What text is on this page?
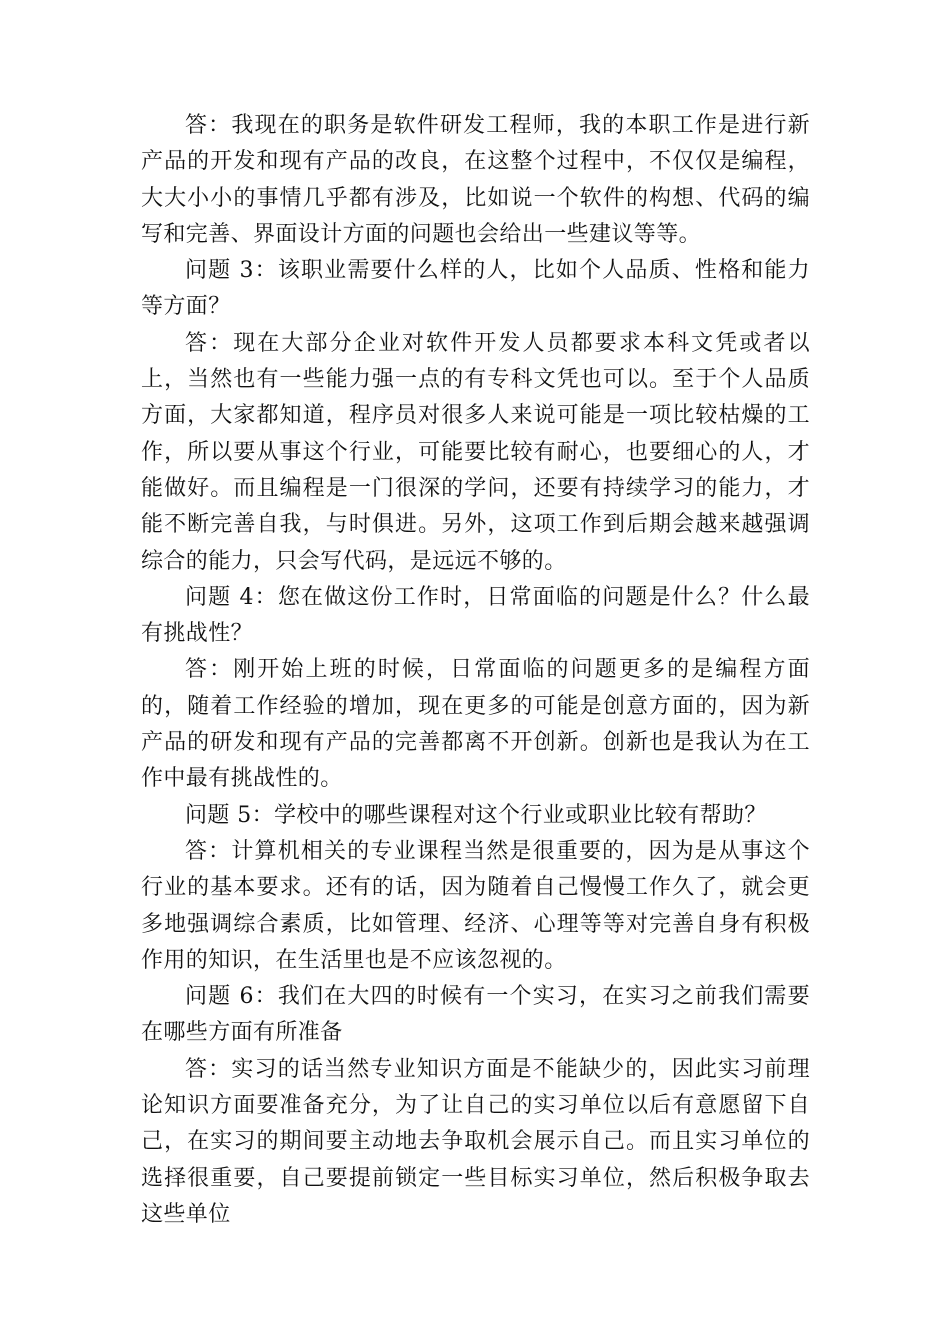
答：我现在的职务是软件研发工程师，我的本职工作是进行新产品的开发和现有产品的改良，在这整个过程中，不仅仅是编程，大大小小的事情几乎都有涉及，比如说一个软件的构想、代码的编写和完善、界面设计方面的问题也会给出一些建议等等。

问题 3：该职业需要什么样的人，比如个人品质、性格和能力等方面？

答：现在大部分企业对软件开发人员都要求本科文凭或者以上，当然也有一些能力强一点的有专科文凭也可以。至于个人品质方面，大家都知道，程序员对很多人来说可能是一项比较枯燥的工作，所以要从事这个行业，可能要比较有耐心，也要细心的人，才能做好。而且编程是一门很深的学问，还要有持续学习的能力，才能不断完善自我，与时俱进。另外，这项工作到后期会越来越强调综合的能力，只会写代码，是远远不够的。

问题 4：您在做这份工作时，日常面临的问题是什么？什么最有挑战性？

答：刚开始上班的时候，日常面临的问题更多的是编程方面的，随着工作经验的增加，现在更多的可能是创意方面的，因为新产品的研发和现有产品的完善都离不开创新。创新也是我认为在工作中最有挑战性的。

问题 5：学校中的哪些课程对这个行业或职业比较有帮助？

答：计算机相关的专业课程当然是很重要的，因为是从事这个行业的基本要求。还有的话，因为随着自己慢慢工作久了，就会更多地强调综合素质，比如管理、经济、心理等等对完善自身有积极作用的知识，在生活里也是不应该忽视的。

问题 6：我们在大四的时候有一个实习，在实习之前我们需要在哪些方面有所准备

答：实习的话当然专业知识方面是不能缺少的，因此实习前理论知识方面要准备充分，为了让自己的实习单位以后有意愿留下自己，在实习的期间要主动地去争取机会展示自己。而且实习单位的选择很重要，自己要提前锁定一些目标实习单位，然后积极争取去这些单位
